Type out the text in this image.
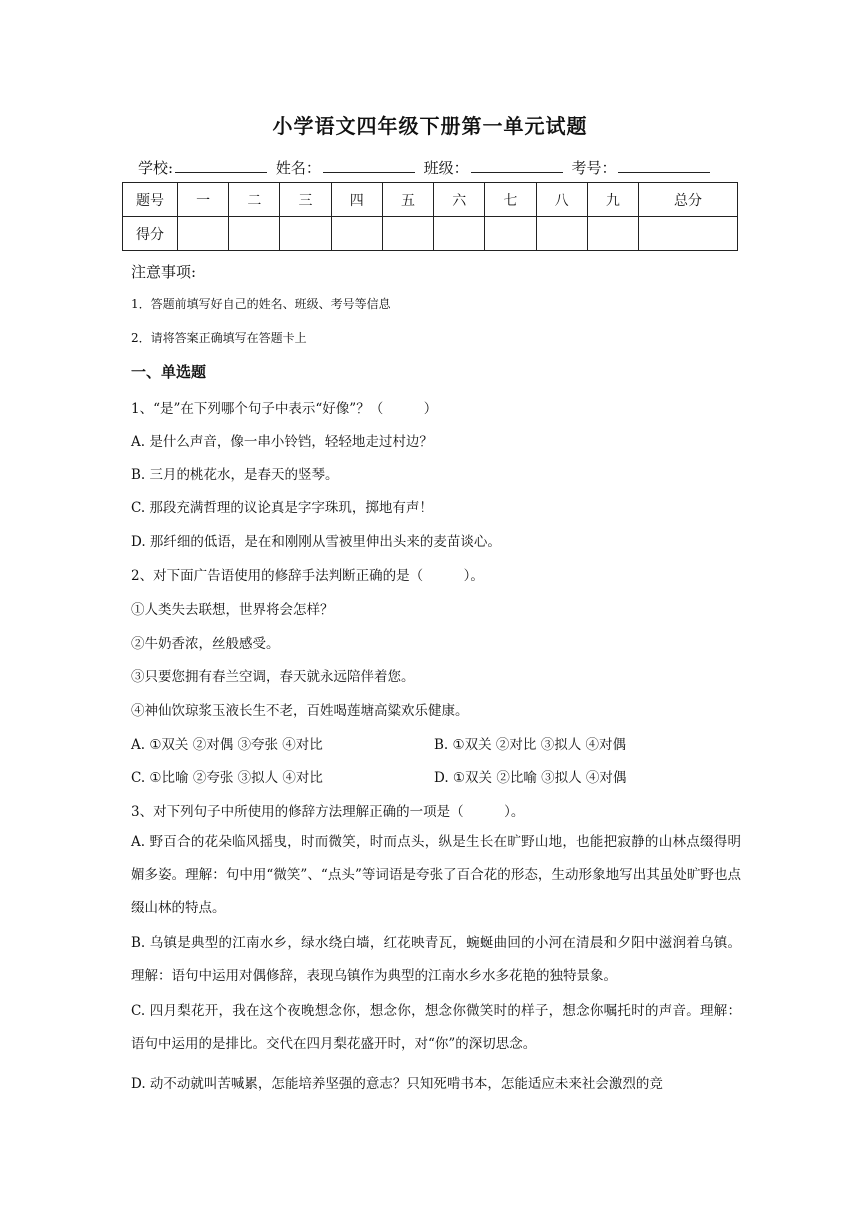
小学语文四年级下册第一单元试题
学校:	姓名：	班级：	考号：
题号	一	二	三	四	五	六	七	八	九	总分
得分										
注意事项:
1．答题前填写好自己的姓名、班级、考号等信息
2．请将答案正确填写在答题卡上
一、单选题
1、“是”在下列哪个句子中表示“好像”？（　　　）
A. 是什么声音，像一串小铃铛，轻轻地走过村边？
B. 三月的桃花水，是春天的竖琴。
C. 那段充满哲理的议论真是字字珠玑，掷地有声！
D. 那纤细的低语，是在和刚刚从雪被里伸出头来的麦苗谈心。
2、对下面广告语使用的修辞手法判断正确的是（　　　）。
①人类失去联想，世界将会怎样？
②牛奶香浓，丝般感受。
③只要您拥有春兰空调，春天就永远陪伴着您。
④神仙饮琼浆玉液长生不老，百姓喝莲塘高粱欢乐健康。
A. ①双关 ②对偶 ③夸张 ④对比	B. ①双关 ②对比 ③拟人 ④对偶
C. ①比喻 ②夸张 ③拟人 ④对比	D. ①双关 ②比喻 ③拟人 ④对偶
3、对下列句子中所使用的修辞方法理解正确的一项是（　　　）。
A. 野百合的花朵临风摇曳，时而微笑，时而点头，纵是生长在旷野山地，也能把寂静的山林点缀得明媚多姿。理解：句中用“微笑”、“点头”等词语是夸张了百合花的形态，生动形象地写出其虽处旷野也点缀山林的特点。
B. 乌镇是典型的江南水乡，绿水绕白墙，红花映青瓦，蜿蜒曲回的小河在清晨和夕阳中滋润着乌镇。理解：语句中运用对偶修辞，表现乌镇作为典型的江南水乡水多花艳的独特景象。
C. 四月梨花开，我在这个夜晚想念你，想念你，想念你微笑时的样子，想念你嘱托时的声音。理解：语句中运用的是排比。交代在四月梨花盛开时，对“你”的深切思念。
D. 动不动就叫苦喊累，怎能培养坚强的意志？只知死啃书本，怎能适应未来社会激烈的竞
